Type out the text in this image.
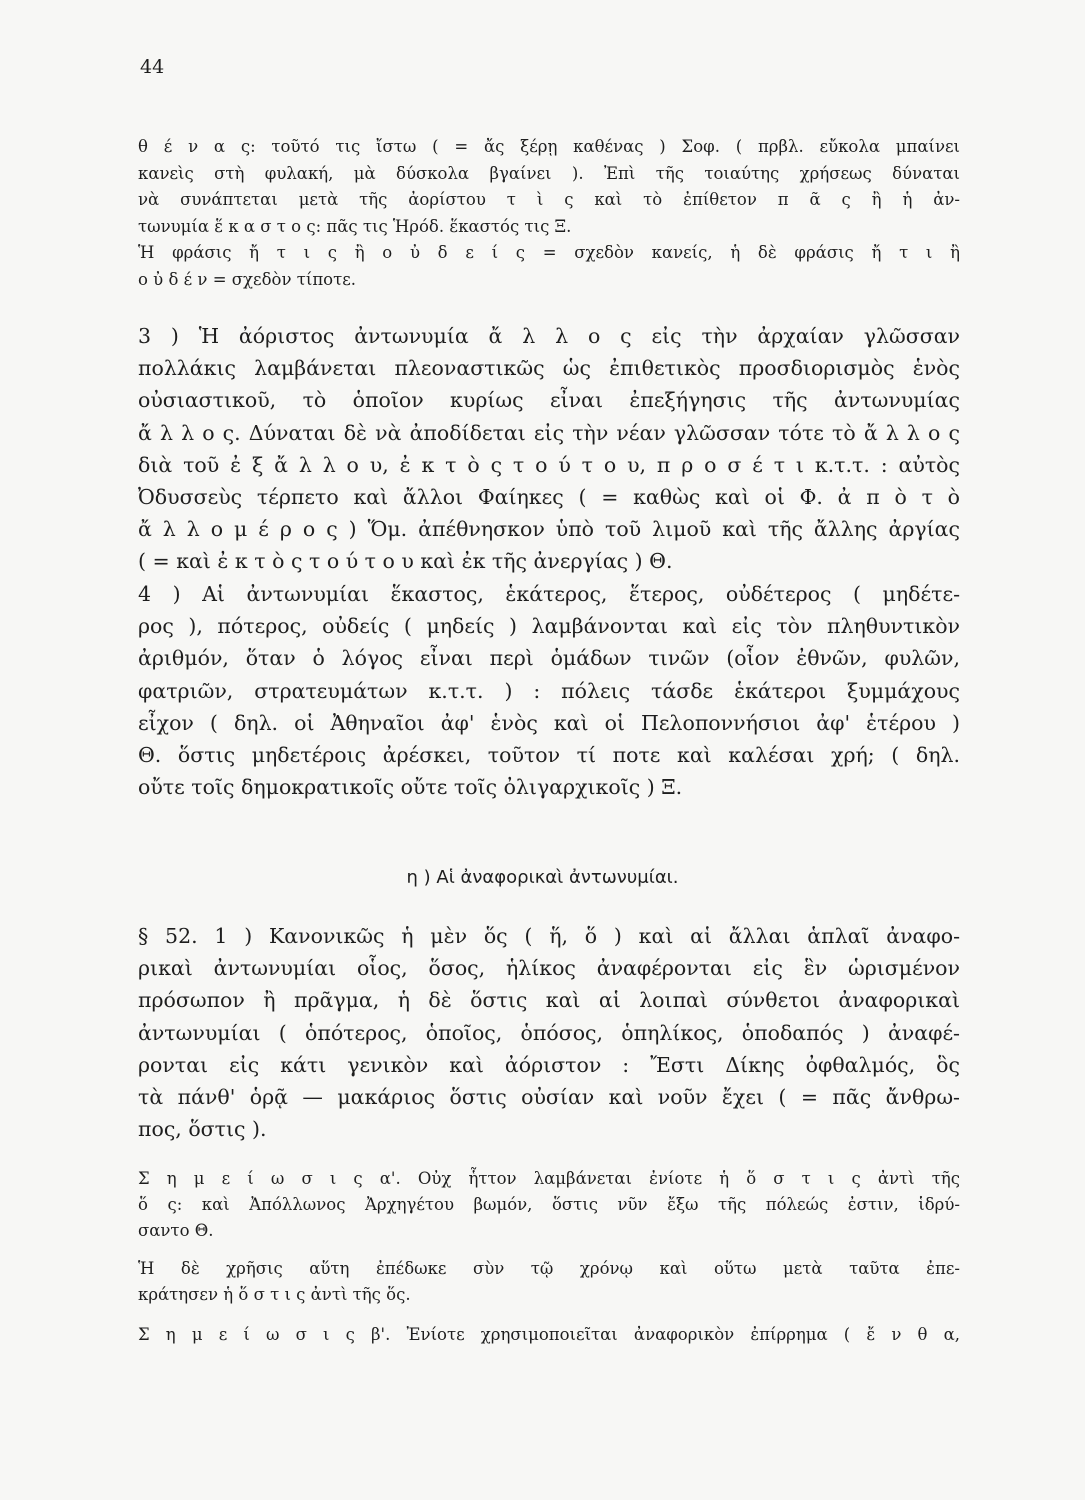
44
θ έ ν α ς: τοῦτό τις ἴστω ( = ἄς ξέρῃ καθένας ) Σοφ. ( πρβλ. εὔκολα μπαίνει
κανεὶς στὴ φυλακή, μὰ δύσκολα βγαίνει ). Ἐπὶ τῆς τοιαύτης χρήσεως δύναται
νὰ συνάπτεται μετὰ τῆς ἀορίστου τ ὶ ς καὶ τὸ ἐπίθετον π ᾶ ς ἢ ἡ ἀν-
τωνυμία ἕ κ α σ τ ο ς: πᾶς τις Ἡρόδ. ἕκαστός τις Ξ.
Ἡ φράσις ἤ τ ι ς ἢ ο ὐ δ ε ί ς = σχεδὸν κανείς, ἡ δὲ φράσις ἤ τ ι ἢ
ο ὐ δ έ ν = σχεδὸν τίποτε.
3 ) Ἡ ἀόριστος ἀντωνυμία ἄ λ λ ο ς εἰς τὴν ἀρχαίαν γλῶσσαν
πολλάκις λαμβάνεται πλεοναστικῶς ὡς ἐπιθετικὸς προσδιορισμὸς ἑνὸς
οὐσιαστικοῦ, τὸ ὁποῖον κυρίως εἶναι ἐπεξήγησις τῆς ἀντωνυμίας
ἄ λ λ ο ς. Δύναται δὲ νὰ ἀποδίδεται εἰς τὴν νέαν γλῶσσαν τότε τὸ ἄ λ λ ο ς
διὰ τοῦ ἐ ξ ἄ λ λ ο υ, ἐ κ τ ὸ ς τ ο ύ τ ο υ, π ρ ο σ έ τ ι κ.τ.τ. : αὐτὸς
Ὀδυσσεὺς τέρπετο καὶ ἄλλοι Φαίηκες ( = καθὼς καὶ οἱ Φ. ἀ π ὸ τ ὸ
ἄ λ λ ο μ έ ρ ο ς ) Ὅμ. ἀπέθνησκον ὑπὸ τοῦ λιμοῦ καὶ τῆς ἄλλης ἀργίας
( = καὶ ἐ κ τ ὸ ς τ ο ύ τ ο υ καὶ ἐκ τῆς ἀνεργίας ) Θ.
4 ) Αἱ ἀντωνυμίαι ἕκαστος, ἑκάτερος, ἕτερος, οὐδέτερος ( μηδέτε-
ρος ), πότερος, οὐδείς ( μηδείς ) λαμβάνονται καὶ εἰς τὸν πληθυντικὸν
ἀριθμόν, ὅταν ὁ λόγος εἶναι περὶ ὁμάδων τινῶν (οἷον ἐθνῶν, φυλῶν,
φατριῶν, στρατευμάτων κ.τ.τ. ) : πόλεις τάσδε ἑκάτεροι ξυμμάχους
εἶχον ( δηλ. οἱ Ἀθηναῖοι ἀφ' ἑνὸς καὶ οἱ Πελοποννήσιοι ἀφ' ἑτέρου )
Θ. ὅστις μηδετέροις ἀρέσκει, τοῦτον τί ποτε καὶ καλέσαι χρή; ( δηλ.
οὔτε τοῖς δημοκρατικοῖς οὔτε τοῖς ὀλιγαρχικοῖς ) Ξ.
η ) Αἱ ἀναφορικαὶ ἀντωνυμίαι.
§ 52. 1 ) Κανονικῶς ἡ μὲν ὅς ( ἥ, ὅ ) καὶ αἱ ἄλλαι ἁπλαῖ ἀναφο-
ρικαὶ ἀντωνυμίαι οἷος, ὅσος, ἡλίκος ἀναφέρονται εἰς ἓν ὡρισμένον
πρόσωπον ἢ πρᾶγμα, ἡ δὲ ὅστις καὶ αἱ λοιπαὶ σύνθετοι ἀναφορικαὶ
ἀντωνυμίαι ( ὁπότερος, ὁποῖος, ὁπόσος, ὁπηλίκος, ὁποδαπός ) ἀναφέ-
ρονται εἰς κάτι γενικὸν καὶ ἀόριστον : Ἔστι Δίκης ὀφθαλμός, ὃς
τὰ πάνθ' ὁρᾷ — μακάριος ὅστις οὐσίαν καὶ νοῦν ἔχει ( = πᾶς ἄνθρω-
πος, ὅστις ).
Σ η μ ε ί ω σ ι ς α'. Οὐχ ἧττον λαμβάνεται ἐνίοτε ἡ ὅ σ τ ι ς ἀντὶ τῆς
ὅ ς: καὶ Ἀπόλλωνος Ἀρχηγέτου βωμόν, ὅστις νῦν ἔξω τῆς πόλεώς ἐστιν, ἱδρύ-
σαντο Θ.
Ἡ δὲ χρῆσις αὕτη ἐπέδωκε σὺν τῷ χρόνῳ καὶ οὕτω μετὰ ταῦτα ἐπε-
κράτησεν ἡ ὅ σ τ ι ς ἀντὶ τῆς ὅς.
Σ η μ ε ί ω σ ι ς β'. Ἐνίοτε χρησιμοποιεῖται ἀναφορικὸν ἐπίρρημα ( ἔ ν θ α,
